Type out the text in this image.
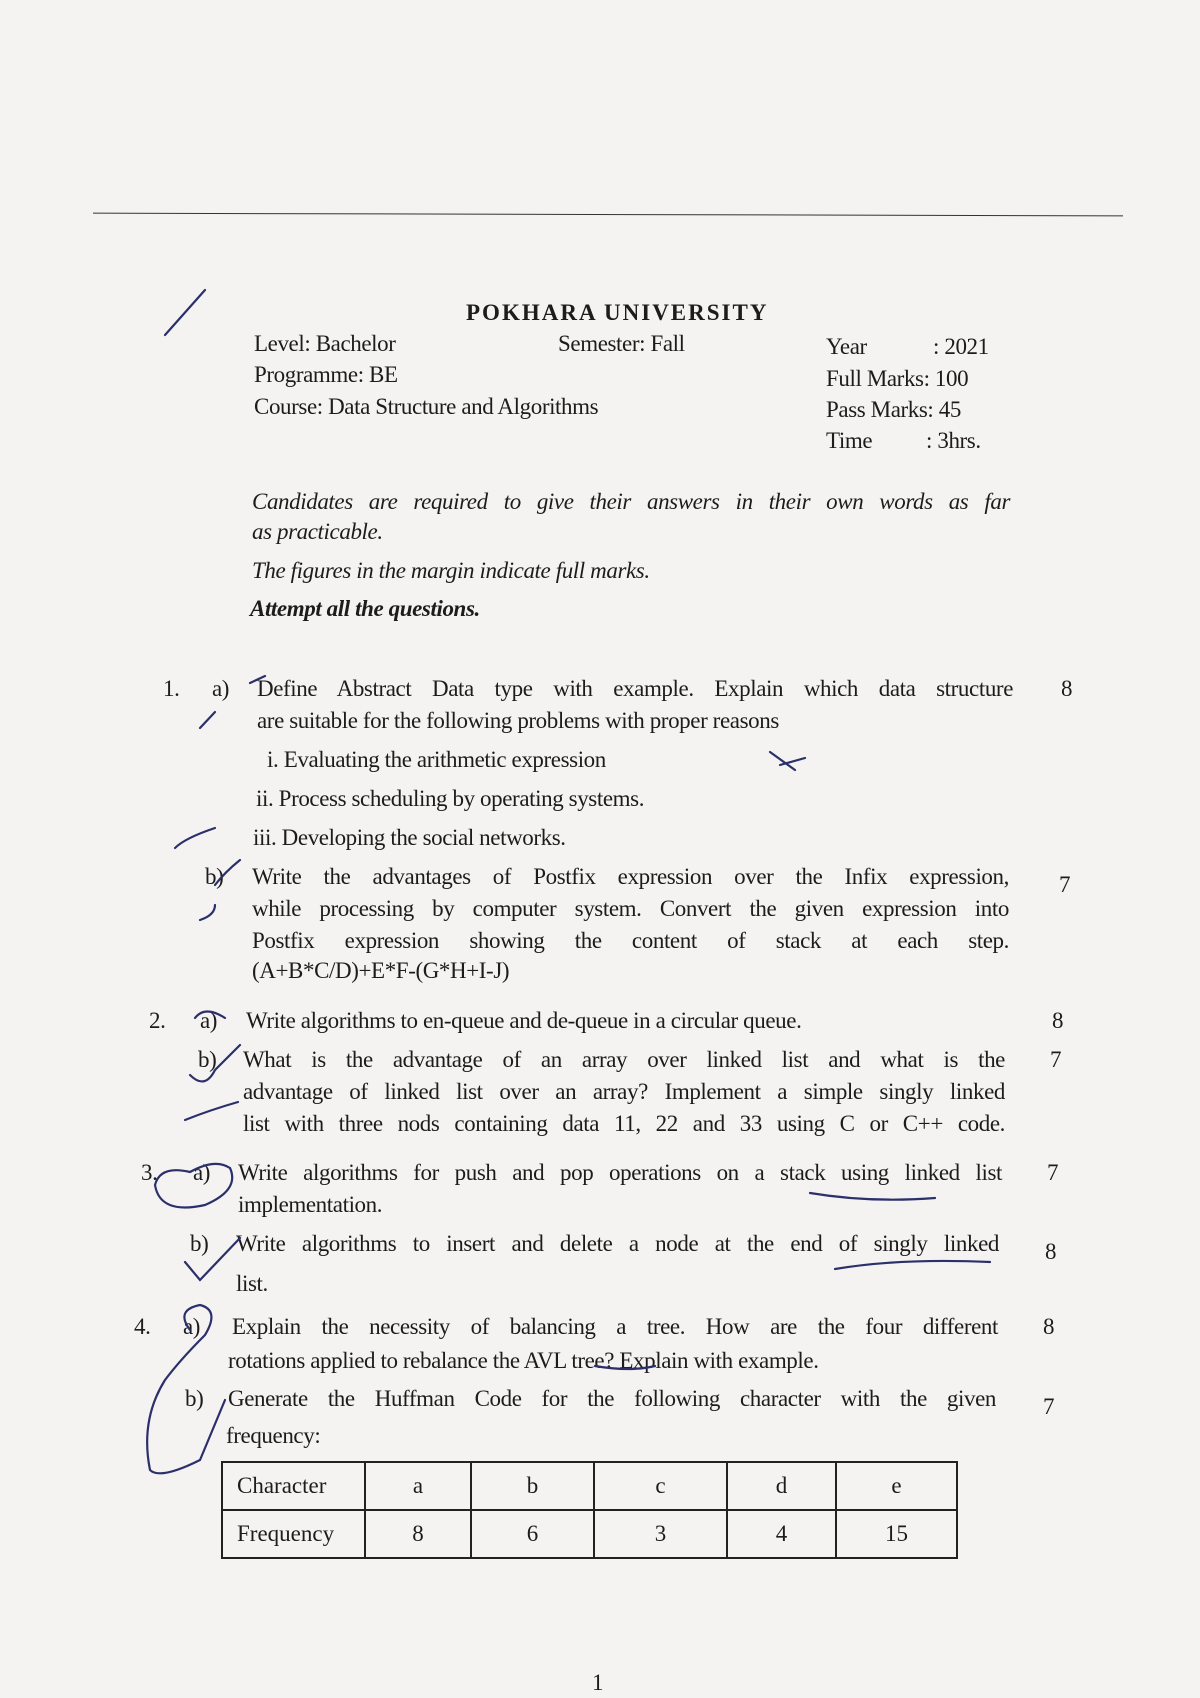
POKHARA UNIVERSITY
Level: Bachelor	Semester: Fall	Year	: 2021
Programme: BE	Full Marks: 100
Course: Data Structure and Algorithms	Pass Marks: 45
Time : 3hrs.
Candidates are required to give their answers in their own words as far
as practicable.
The figures in the margin indicate full marks.
Attempt all the questions.
1. a) Define Abstract Data type with example. Explain which data structure
are suitable for the following problems with proper reasons
8
i. Evaluating the arithmetic expression
ii. Process scheduling by operating systems.
iii. Developing the social networks.
b) Write the advantages of Postfix expression over the Infix expression,
while processing by computer system. Convert the given expression into
Postfix expression showing the content of stack at each step.
(A+B*C/D)+E*F-(G*H+I-J)
7
2. a) Write algorithms to en-queue and de-queue in a circular queue.	8
b) What is the advantage of an array over linked list and what is the
advantage of linked list over an array? Implement a simple singly linked
list with three nods containing data 11, 22 and 33 using C or C++ code.
7
3. a) Write algorithms for push and pop operations on a stack using linked list
implementation.
7
b) Write algorithms to insert and delete a node at the end of singly linked
list.
8
4. a) Explain the necessity of balancing a tree. How are the four different
rotations applied to rebalance the AVL tree? Explain with example.
8
b) Generate the Huffman Code for the following character with the given
frequency:
7
Character	a	b	c	d	e
Frequency	8	6	3	4	15
1
